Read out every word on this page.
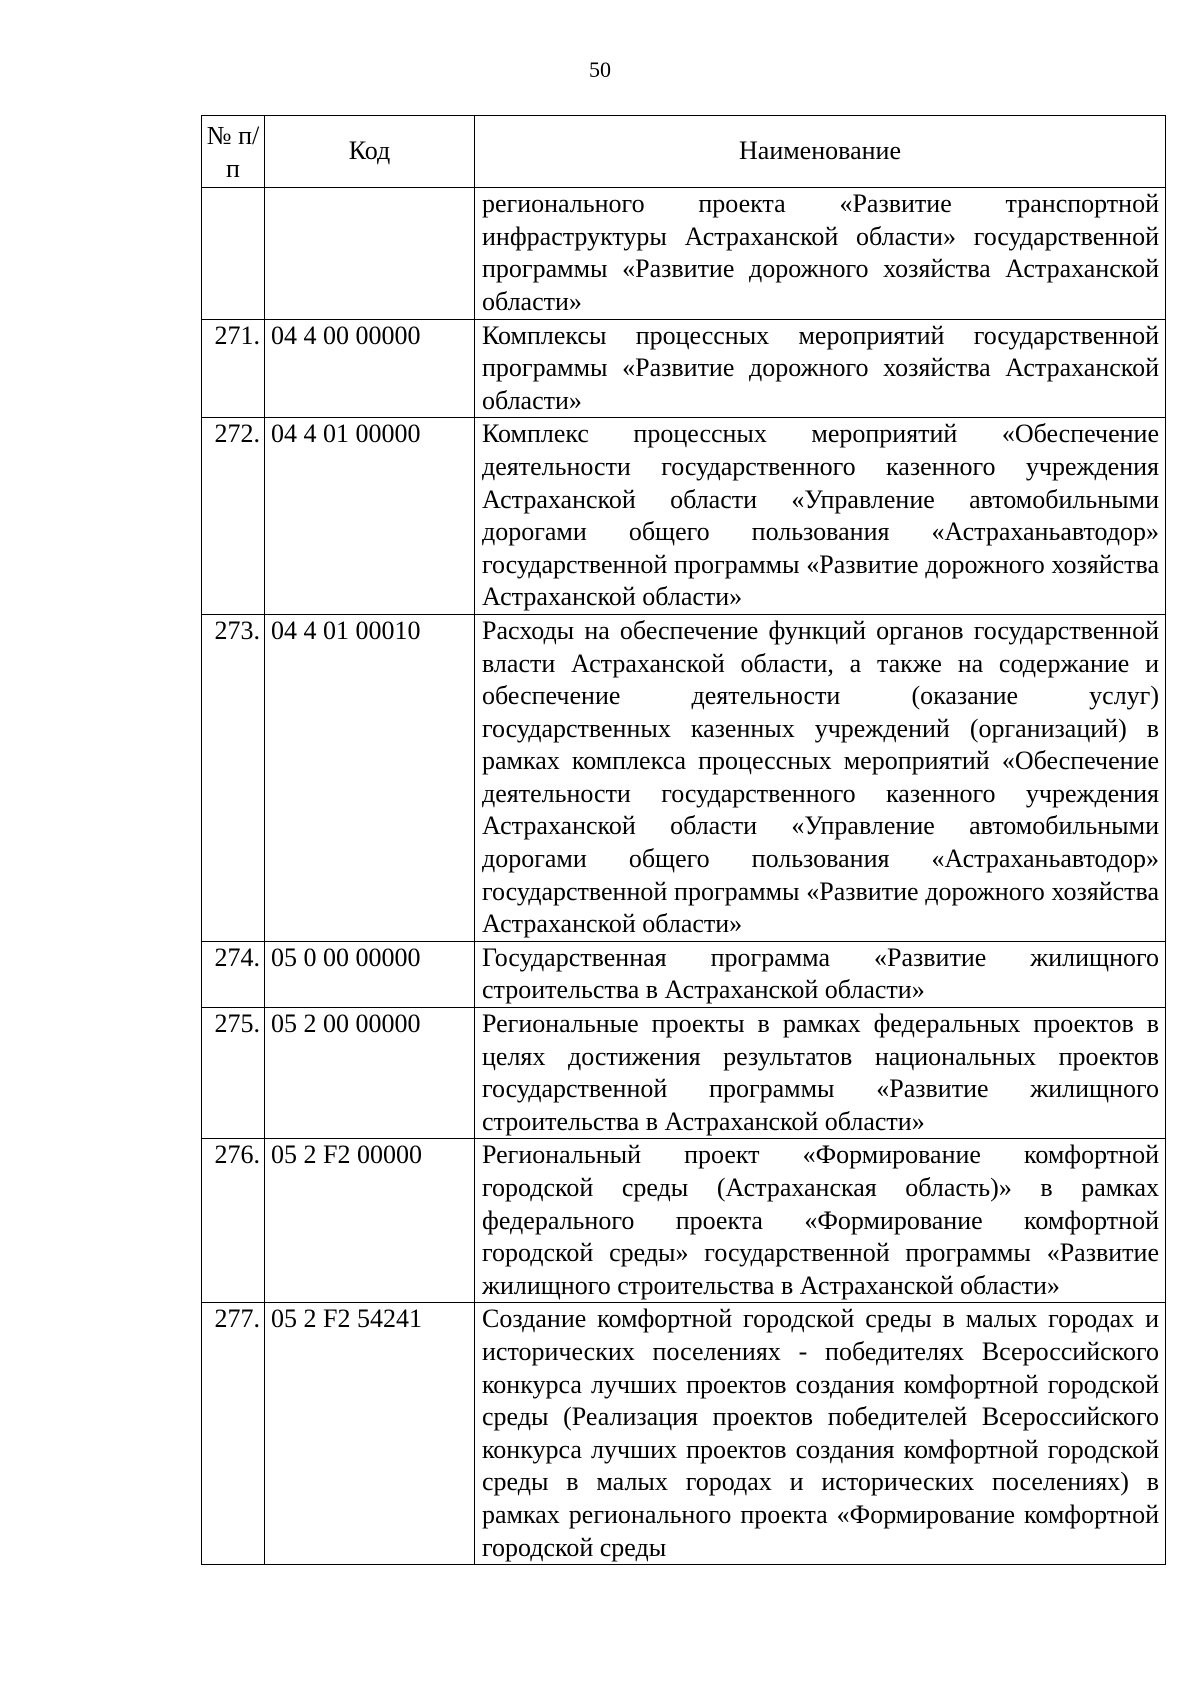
50
№ п/п	Код	Наименование
		регионального проекта «Развитие транспортной инфраструктуры Астраханской области» государственной программы «Развитие дорожного хозяйства Астраханской области»
271.	04 4 00 00000	Комплексы процессных мероприятий государственной программы «Развитие дорожного хозяйства Астраханской области»
272.	04 4 01 00000	Комплекс процессных мероприятий «Обеспечение деятельности государственного казенного учреждения Астраханской области «Управление автомобильными дорогами общего пользования «Астраханьавтодор» государственной программы «Развитие дорожного хозяйства Астраханской области»
273.	04 4 01 00010	Расходы на обеспечение функций органов государственной власти Астраханской области, а также на содержание и обеспечение деятельности (оказание услуг) государственных казенных учреждений (организаций) в рамках комплекса процессных мероприятий «Обеспечение деятельности государственного казенного учреждения Астраханской области «Управление автомобильными дорогами общего пользования «Астраханьавтодор» государственной программы «Развитие дорожного хозяйства Астраханской области»
274.	05 0 00 00000	Государственная программа «Развитие жилищного строительства в Астраханской области»
275.	05 2 00 00000	Региональные проекты в рамках федеральных проектов в целях достижения результатов национальных проектов государственной программы «Развитие жилищного строительства в Астраханской области»
276.	05 2 F2 00000	Региональный проект «Формирование комфортной городской среды (Астраханская область)» в рамках федерального проекта «Формирование комфортной городской среды» государственной программы «Развитие жилищного строительства в Астраханской области»
277.	05 2 F2 54241	Создание комфортной городской среды в малых городах и исторических поселениях - победителях Всероссийского конкурса лучших проектов создания комфортной городской среды (Реализация проектов победителей Всероссийского конкурса лучших проектов создания комфортной городской среды в малых городах и исторических поселениях) в рамках регионального проекта «Формирование комфортной городской среды
